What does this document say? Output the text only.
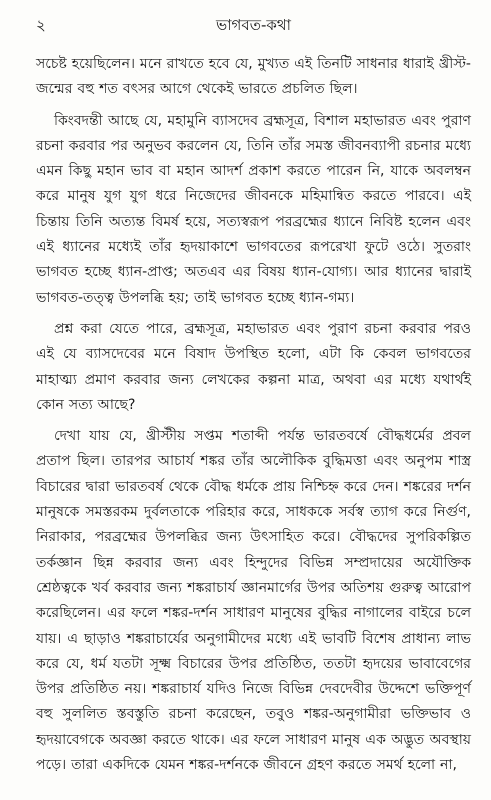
২	ভাগবত-কথা

সচেষ্ট হয়েছিলেন। মনে রাখতে হবে যে, মুখ্যত এই তিনটি সাধনার ধারাই খ্রীস্ট-জন্মের বহু শত বৎসর আগে থেকেই ভারতে প্রচলিত ছিল।

কিংবদন্তী আছে যে, মহামুনি ব্যাসদেব ব্রহ্মসূত্র, বিশাল মহাভারত এবং পুরাণ রচনা করবার পর অনুভব করলেন যে, তিনি তাঁর সমস্ত জীবনব্যাপী রচনার মধ্যে এমন কিছু মহান ভাব বা মহান আদর্শ প্রকাশ করতে পারেন নি, যাকে অবলম্বন করে মানুষ যুগ যুগ ধরে নিজেদের জীবনকে মহিমান্বিত করতে পারবে। এই চিন্তায় তিনি অত্যন্ত বিমর্ষ হয়ে, সত্যস্বরূপ পরব্রহ্মের ধ্যানে নিবিষ্ট হলেন এবং এই ধ্যানের মধ্যেই তাঁর হৃদয়াকাশে ভাগবতের রূপরেখা ফুটে ওঠে। সুতরাং ভাগবত হচ্ছে ধ্যান-প্রাপ্ত; অতএব এর বিষয় ধ্যান-যোগ্য। আর ধ্যানের দ্বারাই ভাগবত-তত্ত্ব উপলব্ধি হয়; তাই ভাগবত হচ্ছে ধ্যান-গম্য।

প্রশ্ন করা যেতে পারে, ব্রহ্মসূত্র, মহাভারত এবং পুরাণ রচনা করবার পরও এই যে ব্যাসদেবের মনে বিষাদ উপস্থিত হলো, এটা কি কেবল ভাগবতের মাহাত্ম্য প্রমাণ করবার জন্য লেখকের কল্পনা মাত্র, অথবা এর মধ্যে যথার্থই কোন সত্য আছে?

দেখা যায় যে, খ্রীস্টীয় সপ্তম শতাব্দী পর্যন্ত ভারতবর্ষে বৌদ্ধধর্মের প্রবল প্রতাপ ছিল। তারপর আচার্য শঙ্কর তাঁর অলৌকিক বুদ্ধিমত্তা এবং অনুপম শাস্ত্র বিচারের দ্বারা ভারতবর্ষ থেকে বৌদ্ধ ধর্মকে প্রায় নিশ্চিহ্ন করে দেন। শঙ্করের দর্শন মানুষকে সমস্তরকম দুর্বলতাকে পরিহার করে, সাধককে সর্বস্ব ত্যাগ করে নির্গুণ, নিরাকার, পরব্রহ্মের উপলব্ধির জন্য উৎসাহিত করে। বৌদ্ধদের সুপরিকল্পিত তর্কজ্ঞান ছিন্ন করবার জন্য এবং হিন্দুদের বিভিন্ন সম্প্রদায়ের অযৌক্তিক শ্রেষ্ঠত্বকে খর্ব করবার জন্য শঙ্করাচার্য জ্ঞানমার্গের উপর অতিশয় গুরুত্ব আরোপ করেছিলেন। এর ফলে শঙ্কর-দর্শন সাধারণ মানুষের বুদ্ধির নাগালের বাইরে চলে যায়। এ ছাড়াও শঙ্করাচার্যের অনুগামীদের মধ্যে এই ভাবটি বিশেষ প্রাধান্য লাভ করে যে, ধর্ম যতটা সূক্ষ্ম বিচারের উপর প্রতিষ্ঠিত, ততটা হৃদয়ের ভাবাবেগের উপর প্রতিষ্ঠিত নয়। শঙ্করাচার্য যদিও নিজে বিভিন্ন দেবদেবীর উদ্দেশে ভক্তিপূর্ণ বহু সুললিত স্তবস্তুতি রচনা করেছেন, তবুও শঙ্কর-অনুগামীরা ভক্তিভাব ও হৃদয়াবেগকে অবজ্ঞা করতে থাকে। এর ফলে সাধারণ মানুষ এক অদ্ভুত অবস্থায় পড়ে। তারা একদিকে যেমন শঙ্কর-দর্শনকে জীবনে গ্রহণ করতে সমর্থ হলো না,
